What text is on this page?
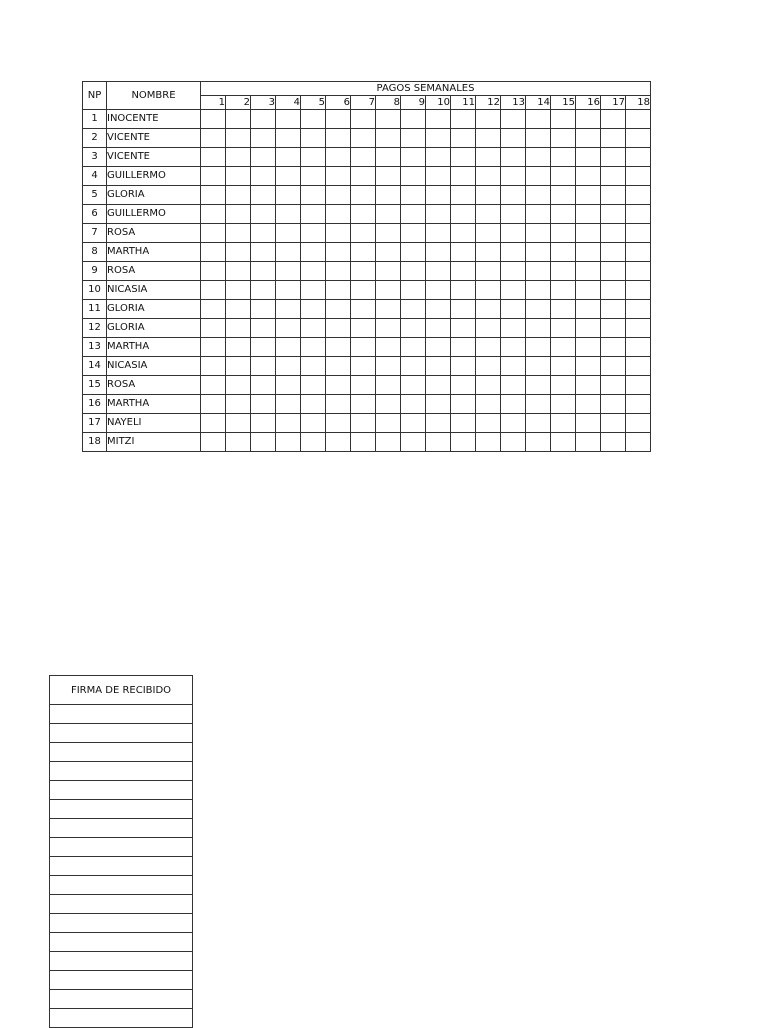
NP	NOMBRE	PAGOS SEMANALES																	
		1	2	3	4	5	6	7	8	9	10	11	12	13	14	15	16	17	18
1	INOCENTE																		
2	VICENTE																		
3	VICENTE																		
4	GUILLERMO																		
5	GLORIA																		
6	GUILLERMO																		
7	ROSA																		
8	MARTHA																		
9	ROSA																		
10	NICASIA																		
11	GLORIA																		
12	GLORIA																		
13	MARTHA																		
14	NICASIA																		
15	ROSA																		
16	MARTHA																		
17	NAYELI																		
18	MITZI																		
FIRMA DE RECIBIDO
